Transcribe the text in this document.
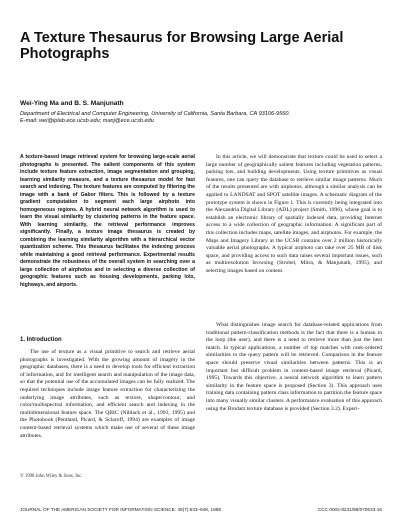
A Texture Thesaurus for Browsing Large Aerial Photographs
Wei-Ying Ma and B. S. Manjunath
Department of Electrical and Computer Engineering, University of California, Santa Barbara, CA 93106-9560.
E-mail: wei@iplab.ece.ucsb.edu; manj@ece.ucsb.edu

A texture-based image retrieval system for browsing large-scale aerial photographs is presented. The salient components of this system include texture feature extraction, image segmentation and grouping, learning similarity measure, and a texture thesaurus model for fast search and indexing. The texture features are computed by filtering the image with a bank of Gabor filters. This is followed by a texture gradient computation to segment each large airphoto into homogeneous regions. A hybrid neural network algorithm is used to learn the visual similarity by clustering patterns in the feature space. With learning similarity, the retrieval performance improves significantly. Finally, a texture image thesaurus is created by combining the learning similarity algorithm with a hierarchical vector quantization scheme. This thesaurus facilitates the indexing process while maintaining a good retrieval performance. Experimental results demonstrate the robustness of the overall system in searching over a large collection of airphotos and in selecting a diverse collection of geographic features such as housing developments, parking lots, highways, and airports.

1. Introduction

The use of texture as a visual primitive to search and retrieve aerial photographs is investigated. With the growing amount of imagery in the geographic databases, there is a need to develop tools for efficient extraction of information, and for intelligent search and manipulation of the image data, so that the potential use of the accumulated images can be fully realized. The required techniques include image feature extraction for characterizing the underlying image attributes, such as texture, shape/contour, and color/multispectral information, and efficient search and indexing in the multidimensional feature space. The QBIC (Niblack et al., 1993, 1995) and the Photobook (Pentland, Picard, & Sclaroff, 1994) are examples of image content-based retrieval systems which make use of several of these image attributes.

In this article, we will demonstrate that texture could be used to select a large number of geographically salient features including vegetation patterns, parking lots, and building developments. Using texture primitives as visual features, one can query the database to retrieve similar image patterns. Much of the results presented are with airphotos, although a similar analysis can be applied to LANDSAT and SPOT satellite images. A schematic diagram of the prototype system is shown in Figure 1. This is currently being integrated into the Alexandria Digital Library (ADL) project (Smith, 1996), whose goal is to establish an electronic library of spatially indexed data, providing Internet access to a wide collection of geographic information. A significant part of this collection includes maps, satellite images, and airphotos. For example, the Maps and Imagery Library at the UCSB contains over 2 million historically valuable aerial photographs. A typical airphoto can take over 25 MB of disk space, and providing access to such data raises several important issues, such as multiresolution browsing (Strobel, Mitra, & Manjunath, 1995), and selecting images based on content.

What distinguishes image search for database-related applications from traditional pattern-classification methods is the fact that there is a human in the loop (the user), and there is a need to retrieve more than just the best match. In typical applications, a number of top matches with rank-ordered similarities to the query pattern will be retrieved. Comparison in the feature space should preserve visual similarities between patterns. This is an important but difficult problem in content-based image retrieval (Picard, 1995). Towards this objective, a neural network algorithm to learn pattern similarity in the feature space is proposed (Section 3). This approach uses training data containing pattern class information to partition the feature space into many visually similar clusters. A performance evaluation of this approach using the Brodatz texture database is provided (Section 3.2). Experi-

© 1998 John Wiley & Sons, Inc.
JOURNAL OF THE AMERICAN SOCIETY FOR INFORMATION SCIENCE. 49(7):633–648, 1998	CCC 0002-8231/98/070633-16
